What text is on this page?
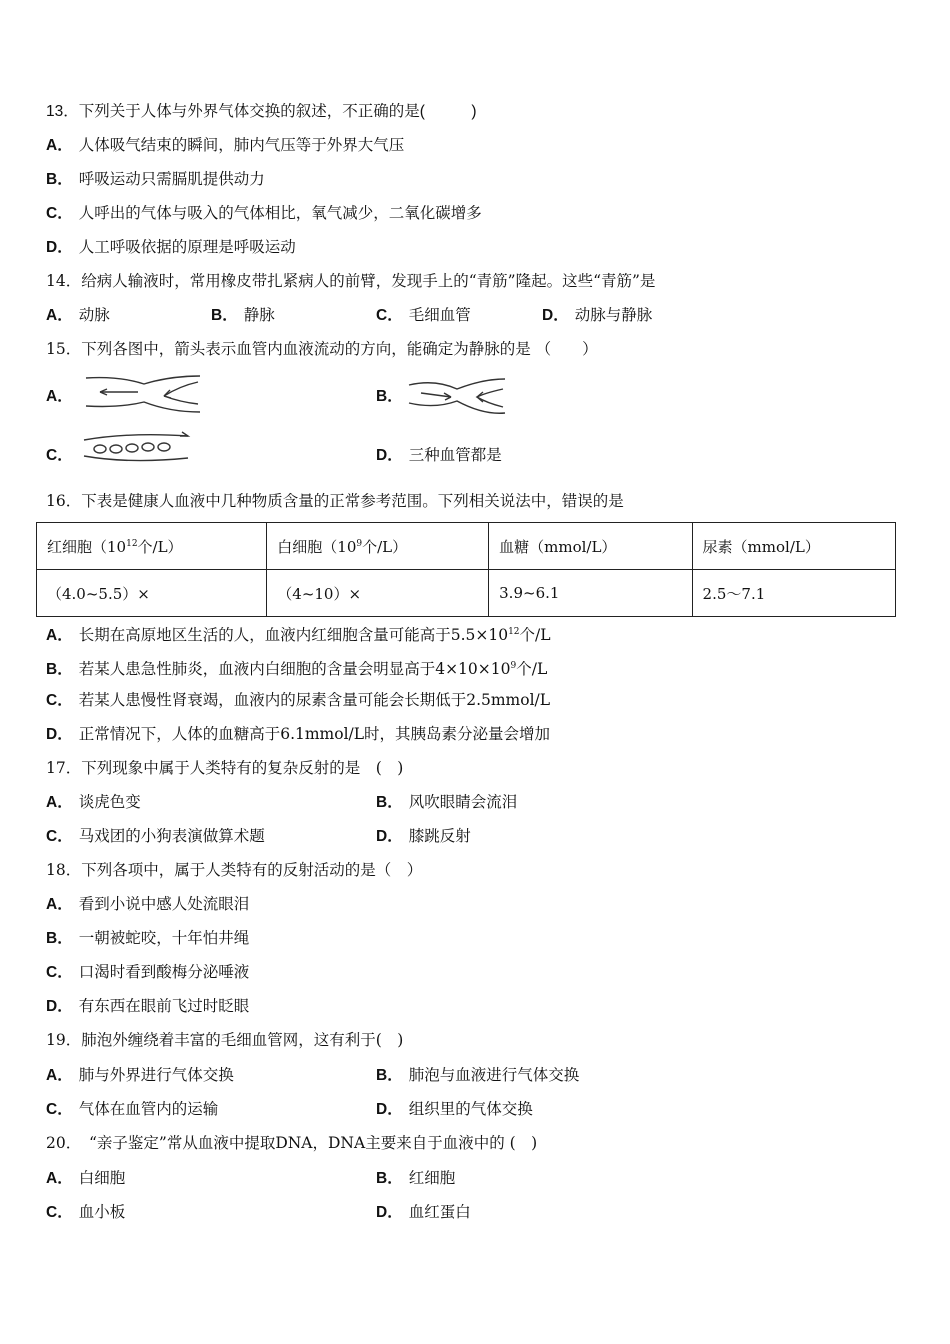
13．下列关于人体与外界气体交换的叙述，不正确的是(　　　)
A． 人体吸气结束的瞬间，肺内气压等于外界大气压
B． 呼吸运动只需膈肌提供动力
C． 人呼出的气体与吸入的气体相比，氧气减少，二氧化碳增多
D． 人工呼吸依据的原理是呼吸运动
14．给病人输液时，常用橡皮带扎紧病人的前臂，发现手上的“青筋”隆起。这些“青筋”是
A． 动脉	B． 静脉	C． 毛细血管	D． 动脉与静脉
15．下列各图中，箭头表示血管内血液流动的方向，能确定为静脉的是 （　　）
A．	B．
C．	D． 三种血管都是
16．下表是健康人血液中几种物质含量的正常参考范围。下列相关说法中，错误的是
红细胞（$10^{12}$个/L）	白细胞（$10^9$个/L）	血糖（mmol/L）	尿素（mmol/L）
（4.0~5.5）×	（4~10）×	3.9~6.1	2.5～7.1
A． 长期在高原地区生活的人，血液内红细胞含量可能高于$5.5\times 10^{12}$个/L
B． 若某人患急性肺炎，血液内白细胞的含量会明显高于$4\times 10\times 10^9$个/L
C． 若某人患慢性肾衰竭，血液内的尿素含量可能会长期低于2.5mmol/L
D． 正常情况下，人体的血糖高于6.1mmol/L时，其胰岛素分泌量会增加
17．下列现象中属于人类特有的复杂反射的是　(　)
A． 谈虎色变	B． 风吹眼睛会流泪
C． 马戏团的小狗表演做算术题	D． 膝跳反射
18．下列各项中，属于人类特有的反射活动的是（　）
A． 看到小说中感人处流眼泪
B． 一朝被蛇咬，十年怕井绳
C． 口渴时看到酸梅分泌唾液
D． 有东西在眼前飞过时眨眼
19．肺泡外缠绕着丰富的毛细血管网，这有利于(　)
A． 肺与外界进行气体交换	B． 肺泡与血液进行气体交换
C． 气体在血管内的运输	D． 组织里的气体交换
20．　“亲子鉴定”常从血液中提取DNA，DNA主要来自于血液中的 (　)
A． 白细胞	B． 红细胞
C． 血小板	D． 血红蛋白
